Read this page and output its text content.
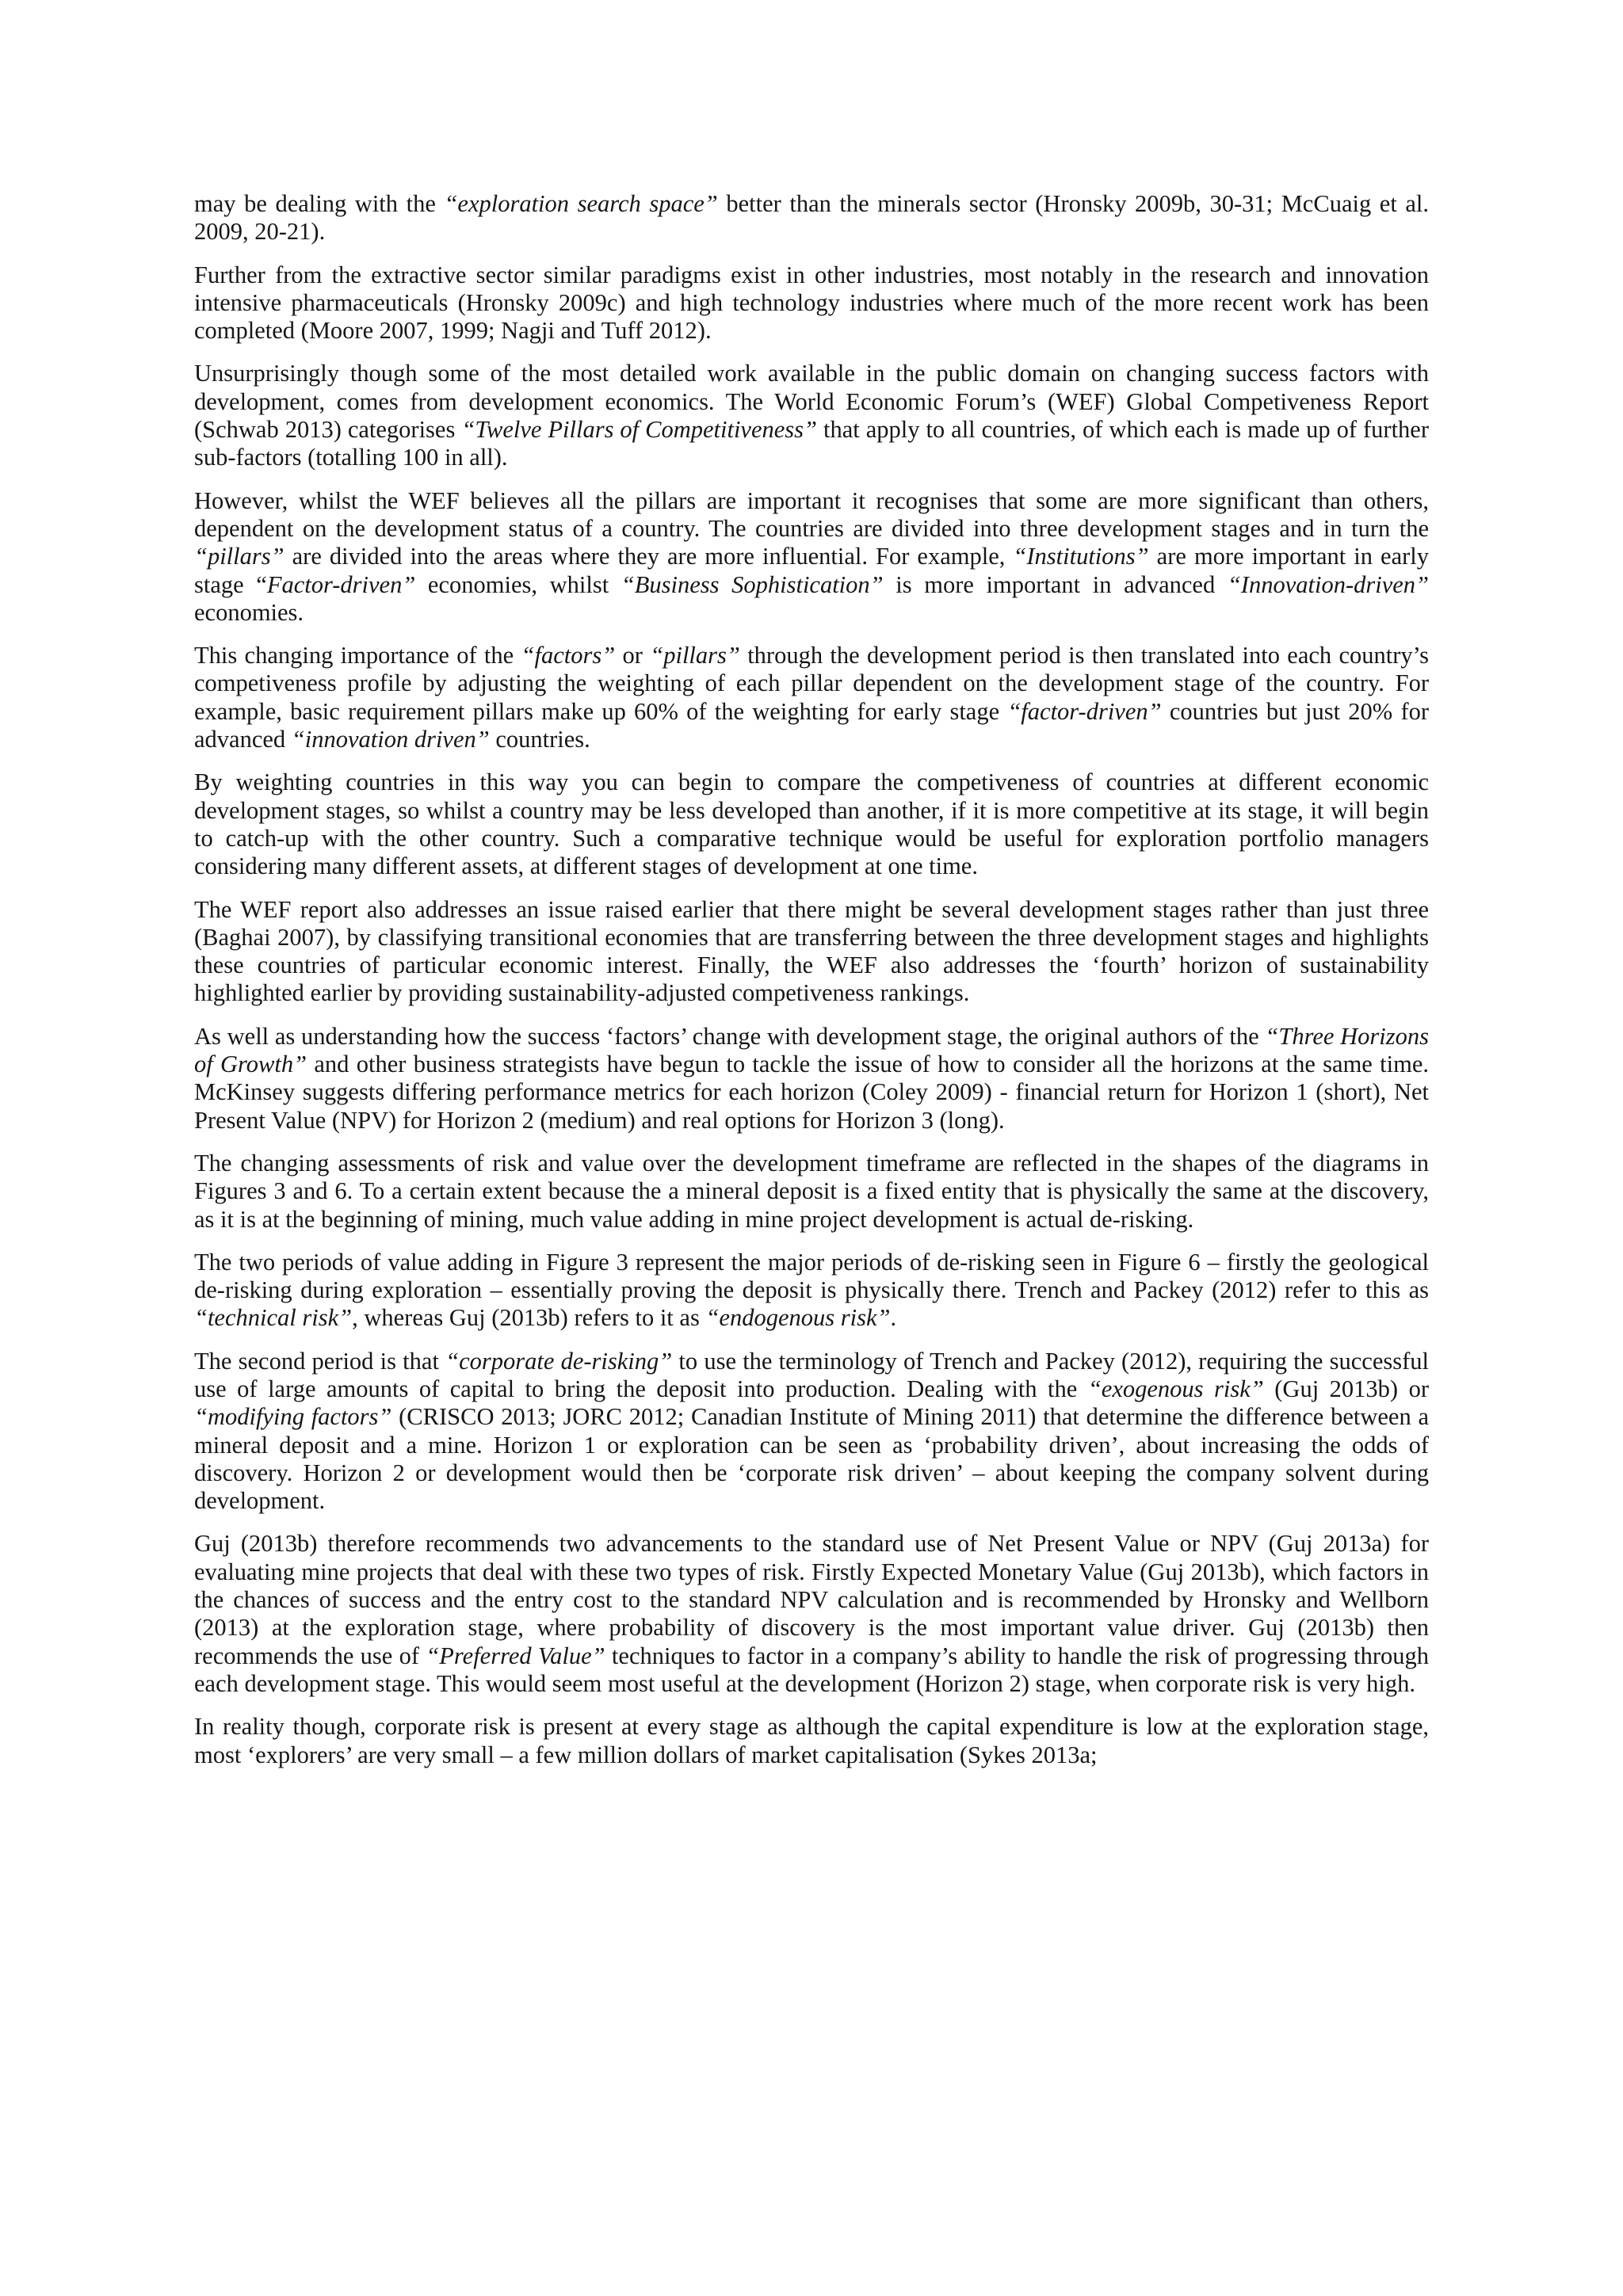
may be dealing with the “exploration search space” better than the minerals sector (Hronsky 2009b, 30-31; McCuaig et al. 2009, 20-21).

Further from the extractive sector similar paradigms exist in other industries, most notably in the research and innovation intensive pharmaceuticals (Hronsky 2009c) and high technology industries where much of the more recent work has been completed (Moore 2007, 1999; Nagji and Tuff 2012).

Unsurprisingly though some of the most detailed work available in the public domain on changing success factors with development, comes from development economics. The World Economic Forum’s (WEF) Global Competiveness Report (Schwab 2013) categorises “Twelve Pillars of Competitiveness” that apply to all countries, of which each is made up of further sub-factors (totalling 100 in all).

However, whilst the WEF believes all the pillars are important it recognises that some are more significant than others, dependent on the development status of a country. The countries are divided into three development stages and in turn the “pillars” are divided into the areas where they are more influential. For example, “Institutions” are more important in early stage “Factor-driven” economies, whilst “Business Sophistication” is more important in advanced “Innovation-driven” economies.

This changing importance of the “factors” or “pillars” through the development period is then translated into each country’s competiveness profile by adjusting the weighting of each pillar dependent on the development stage of the country. For example, basic requirement pillars make up 60% of the weighting for early stage “factor-driven” countries but just 20% for advanced “innovation driven” countries.

By weighting countries in this way you can begin to compare the competiveness of countries at different economic development stages, so whilst a country may be less developed than another, if it is more competitive at its stage, it will begin to catch-up with the other country. Such a comparative technique would be useful for exploration portfolio managers considering many different assets, at different stages of development at one time.

The WEF report also addresses an issue raised earlier that there might be several development stages rather than just three (Baghai 2007), by classifying transitional economies that are transferring between the three development stages and highlights these countries of particular economic interest. Finally, the WEF also addresses the ‘fourth’ horizon of sustainability highlighted earlier by providing sustainability-adjusted competiveness rankings.

As well as understanding how the success ‘factors’ change with development stage, the original authors of the “Three Horizons of Growth” and other business strategists have begun to tackle the issue of how to consider all the horizons at the same time. McKinsey suggests differing performance metrics for each horizon (Coley 2009) - financial return for Horizon 1 (short), Net Present Value (NPV) for Horizon 2 (medium) and real options for Horizon 3 (long).

The changing assessments of risk and value over the development timeframe are reflected in the shapes of the diagrams in Figures 3 and 6. To a certain extent because the a mineral deposit is a fixed entity that is physically the same at the discovery, as it is at the beginning of mining, much value adding in mine project development is actual de-risking.

The two periods of value adding in Figure 3 represent the major periods of de-risking seen in Figure 6 – firstly the geological de-risking during exploration – essentially proving the deposit is physically there. Trench and Packey (2012) refer to this as “technical risk”, whereas Guj (2013b) refers to it as “endogenous risk”.

The second period is that “corporate de-risking” to use the terminology of Trench and Packey (2012), requiring the successful use of large amounts of capital to bring the deposit into production. Dealing with the “exogenous risk” (Guj 2013b) or “modifying factors” (CRISCO 2013; JORC 2012; Canadian Institute of Mining 2011) that determine the difference between a mineral deposit and a mine. Horizon 1 or exploration can be seen as ‘probability driven’, about increasing the odds of discovery. Horizon 2 or development would then be ‘corporate risk driven’ – about keeping the company solvent during development.

Guj (2013b) therefore recommends two advancements to the standard use of Net Present Value or NPV (Guj 2013a) for evaluating mine projects that deal with these two types of risk. Firstly Expected Monetary Value (Guj 2013b), which factors in the chances of success and the entry cost to the standard NPV calculation and is recommended by Hronsky and Wellborn (2013) at the exploration stage, where probability of discovery is the most important value driver. Guj (2013b) then recommends the use of “Preferred Value” techniques to factor in a company’s ability to handle the risk of progressing through each development stage. This would seem most useful at the development (Horizon 2) stage, when corporate risk is very high.

In reality though, corporate risk is present at every stage as although the capital expenditure is low at the exploration stage, most ‘explorers’ are very small – a few million dollars of market capitalisation (Sykes 2013a;
